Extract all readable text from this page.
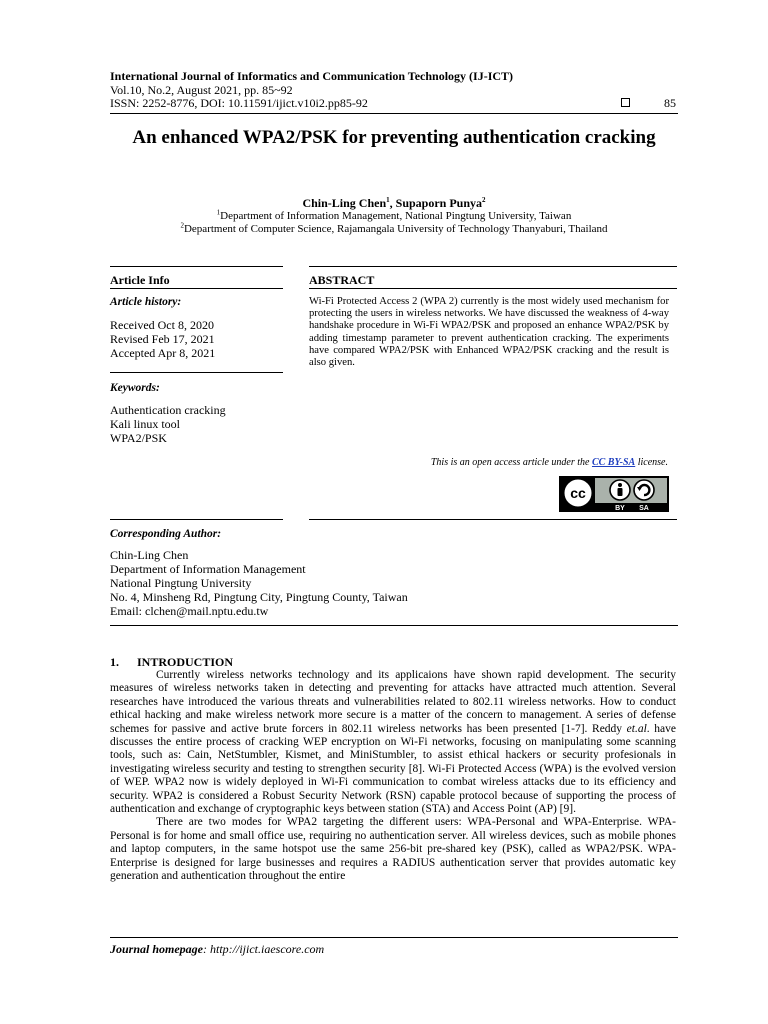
International Journal of Informatics and Communication Technology (IJ-ICT)
Vol.10, No.2, August 2021, pp. 85~92
ISSN: 2252-8776, DOI: 10.11591/ijict.v10i2.pp85-92	85
An enhanced WPA2/PSK for preventing authentication cracking
Chin-Ling Chen$^1$, Supaporn Punya$^2$
$^1$Department of Information Management, National Pingtung University, Taiwan
$^2$Department of Computer Science, Rajamangala University of Technology Thanyaburi, Thailand
Article Info	ABSTRACT
Article history:
Received Oct 8, 2020
Revised Feb 17, 2021
Accepted Apr 8, 2021
Keywords:
Authentication cracking
Kali linux tool
WPA2/PSK
Wi-Fi Protected Access 2 (WPA 2) currently is the most widely used mechanism for protecting the users in wireless networks. We have discussed the weakness of 4-way handshake procedure in Wi-Fi WPA2/PSK and proposed an enhance WPA2/PSK by adding timestamp parameter to prevent authentication cracking. The experiments have compared WPA2/PSK with Enhanced WPA2/PSK cracking and the result is also given.
This is an open access article under the CC BY-SA license.
cc
BY SA
Corresponding Author:
Chin-Ling Chen
Department of Information Management
National Pingtung University
No. 4, Minsheng Rd, Pingtung City, Pingtung County, Taiwan
Email: clchen@mail.nptu.edu.tw
1. INTRODUCTION

Currently wireless networks technology and its applicaions have shown rapid development. The security measures of wireless networks taken in detecting and preventing for attacks have attracted much attention. Several researches have introduced the various threats and vulnerabilities related to 802.11 wireless networks. How to conduct ethical hacking and make wireless network more secure is a matter of the concern to management. A series of defense schemes for passive and active brute forcers in 802.11 wireless networks has been presented [1-7]. Reddy et.al. have discusses the entire process of cracking WEP encryption on Wi-Fi networks, focusing on manipulating some scanning tools, such as: Cain, NetStumbler, Kismet, and MiniStumbler, to assist ethical hackers or security profesionals in investigating wireless security and testing to strengthen security [8]. Wi-Fi Protected Access (WPA) is the evolved version of WEP. WPA2 now is widely deployed in Wi-Fi communication to combat wireless attacks due to its efficiency and security. WPA2 is considered a Robust Security Network (RSN) capable protocol because of supporting the process of authentication and exchange of cryptographic keys between station (STA) and Access Point (AP) [9].

There are two modes for WPA2 targeting the different users: WPA-Personal and WPA-Enterprise. WPA-Personal is for home and small office use, requiring no authentication server. All wireless devices, such as mobile phones and laptop computers, in the same hotspot use the same 256-bit pre-shared key (PSK), called as WPA2/PSK. WPA-Enterprise is designed for large businesses and requires a RADIUS authentication server that provides automatic key generation and authentication throughout the entire

Journal homepage: http://ijict.iaescore.com
